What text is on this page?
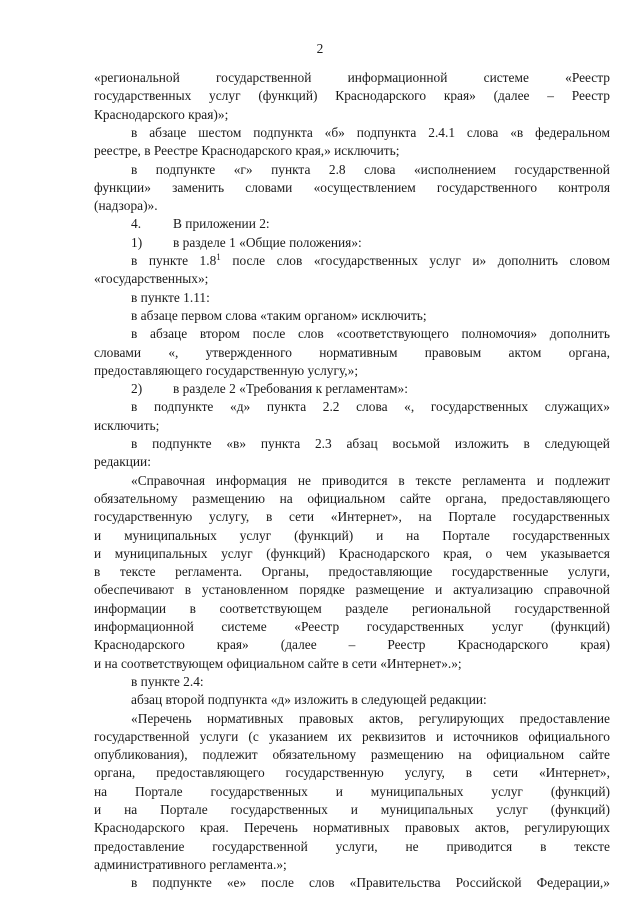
2
«региональной	государственной	информационной	системе	«Реестр
государственных услуг (функций) Краснодарского края» (далее – Реестр
Краснодарского края)»;
в абзаце шестом подпункта «б» подпункта 2.4.1 слова «в федеральном
реестре, в Реестре Краснодарского края,» исключить;
в подпункте «г» пункта 2.8 слова «исполнением государственной
функции» заменить словами «осуществлением государственного контроля
(надзора)».
4. В приложении 2:
1) в разделе 1 «Общие положения»:
в пункте $1.8^1$ после слов «государственных услуг и» дополнить словом
«государственных»;
в пункте 1.11:
в абзаце первом слова «таким органом» исключить;
в абзаце втором после слов «соответствующего полномочия» дополнить
словами «, утвержденного нормативным правовым актом органа,
предоставляющего государственную услугу,»;
2) в разделе 2 «Требования к регламентам»:
в подпункте «д» пункта 2.2 слова «, государственных служащих»
исключить;
в подпункте «в» пункта 2.3 абзац восьмой изложить в следующей
редакции:
«Справочная информация не приводится в тексте регламента и подлежит
обязательному размещению на официальном сайте органа, предоставляющего
государственную услугу, в сети «Интернет», на Портале государственных
и муниципальных услуг (функций) и на Портале государственных
и муниципальных услуг (функций) Краснодарского края, о чем указывается
в тексте регламента. Органы, предоставляющие государственные услуги,
обеспечивают в установленном порядке размещение и актуализацию справочной
информации в соответствующем разделе региональной государственной
информационной системе «Реестр государственных услуг (функций)
Краснодарского края» (далее – Реестр Краснодарского края)
и на соответствующем официальном сайте в сети «Интернет».»;
в пункте 2.4:
абзац второй подпункта «д» изложить в следующей редакции:
«Перечень нормативных правовых актов, регулирующих предоставление
государственной услуги (с указанием их реквизитов и источников официального
опубликования), подлежит обязательному размещению на официальном сайте
органа, предоставляющего государственную услугу, в сети «Интернет»,
на Портале государственных и муниципальных услуг (функций)
и на Портале государственных и муниципальных услуг (функций)
Краснодарского края. Перечень нормативных правовых актов, регулирующих
предоставление государственной услуги, не приводится в тексте
административного регламента.»;
в подпункте «е» после слов «Правительства Российской Федерации,»
